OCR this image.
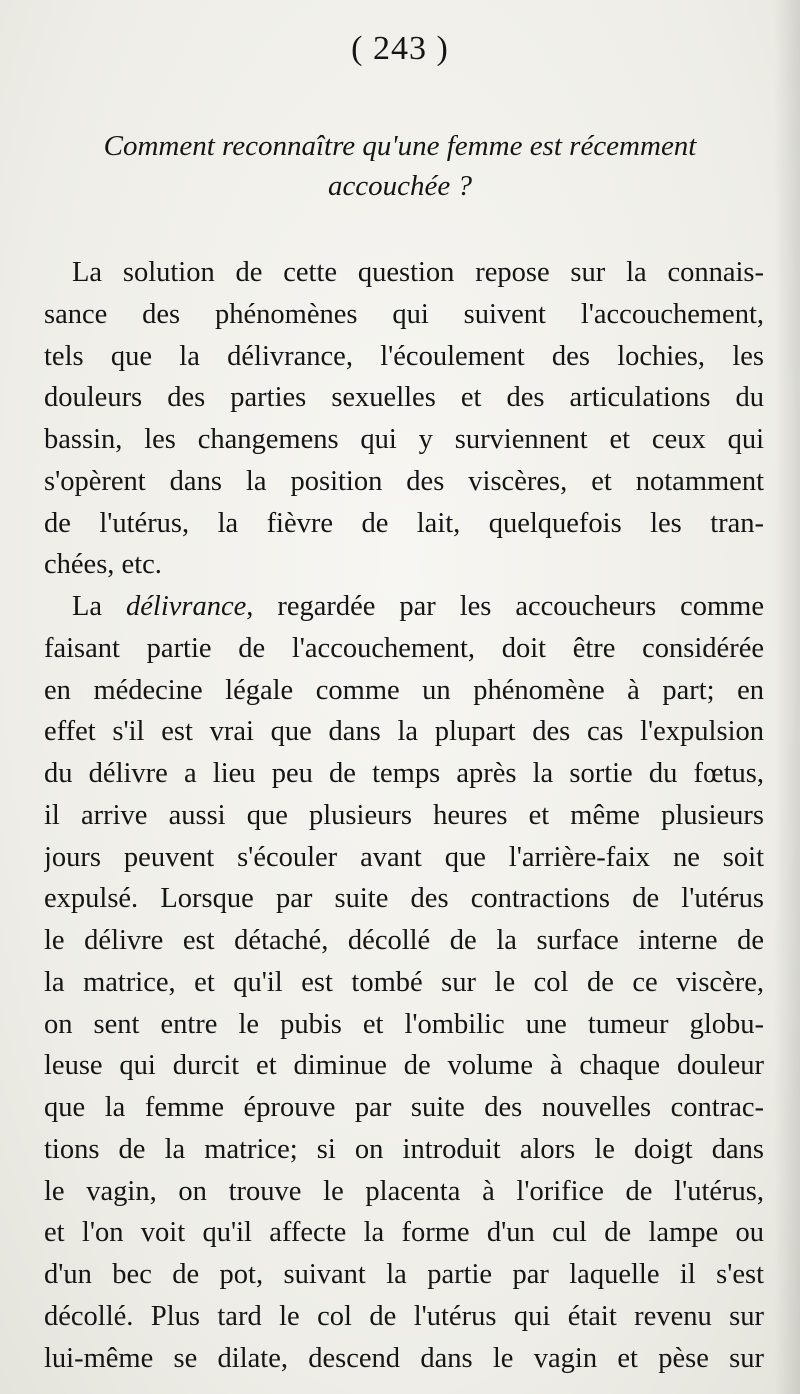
( 243 )
Comment reconnaître qu'une femme est récemment
accouchée ?
La solution de cette question repose sur la connais-
sance des phénomènes qui suivent l'accouchement,
tels que la délivrance, l'écoulement des lochies, les
douleurs des parties sexuelles et des articulations du
bassin, les changemens qui y surviennent et ceux qui
s'opèrent dans la position des viscères, et notamment
de l'utérus, la fièvre de lait, quelquefois les tran-
chées, etc.
La délivrance, regardée par les accoucheurs comme
faisant partie de l'accouchement, doit être considérée
en médecine légale comme un phénomène à part; en
effet s'il est vrai que dans la plupart des cas l'expulsion
du délivre a lieu peu de temps après la sortie du fœtus,
il arrive aussi que plusieurs heures et même plusieurs
jours peuvent s'écouler avant que l'arrière-faix ne soit
expulsé. Lorsque par suite des contractions de l'utérus
le délivre est détaché, décollé de la surface interne de
la matrice, et qu'il est tombé sur le col de ce viscère,
on sent entre le pubis et l'ombilic une tumeur globu-
leuse qui durcit et diminue de volume à chaque douleur
que la femme éprouve par suite des nouvelles contrac-
tions de la matrice; si on introduit alors le doigt dans
le vagin, on trouve le placenta à l'orifice de l'utérus,
et l'on voit qu'il affecte la forme d'un cul de lampe ou
d'un bec de pot, suivant la partie par laquelle il s'est
décollé. Plus tard le col de l'utérus qui était revenu sur
lui-même se dilate, descend dans le vagin et pèse sur
